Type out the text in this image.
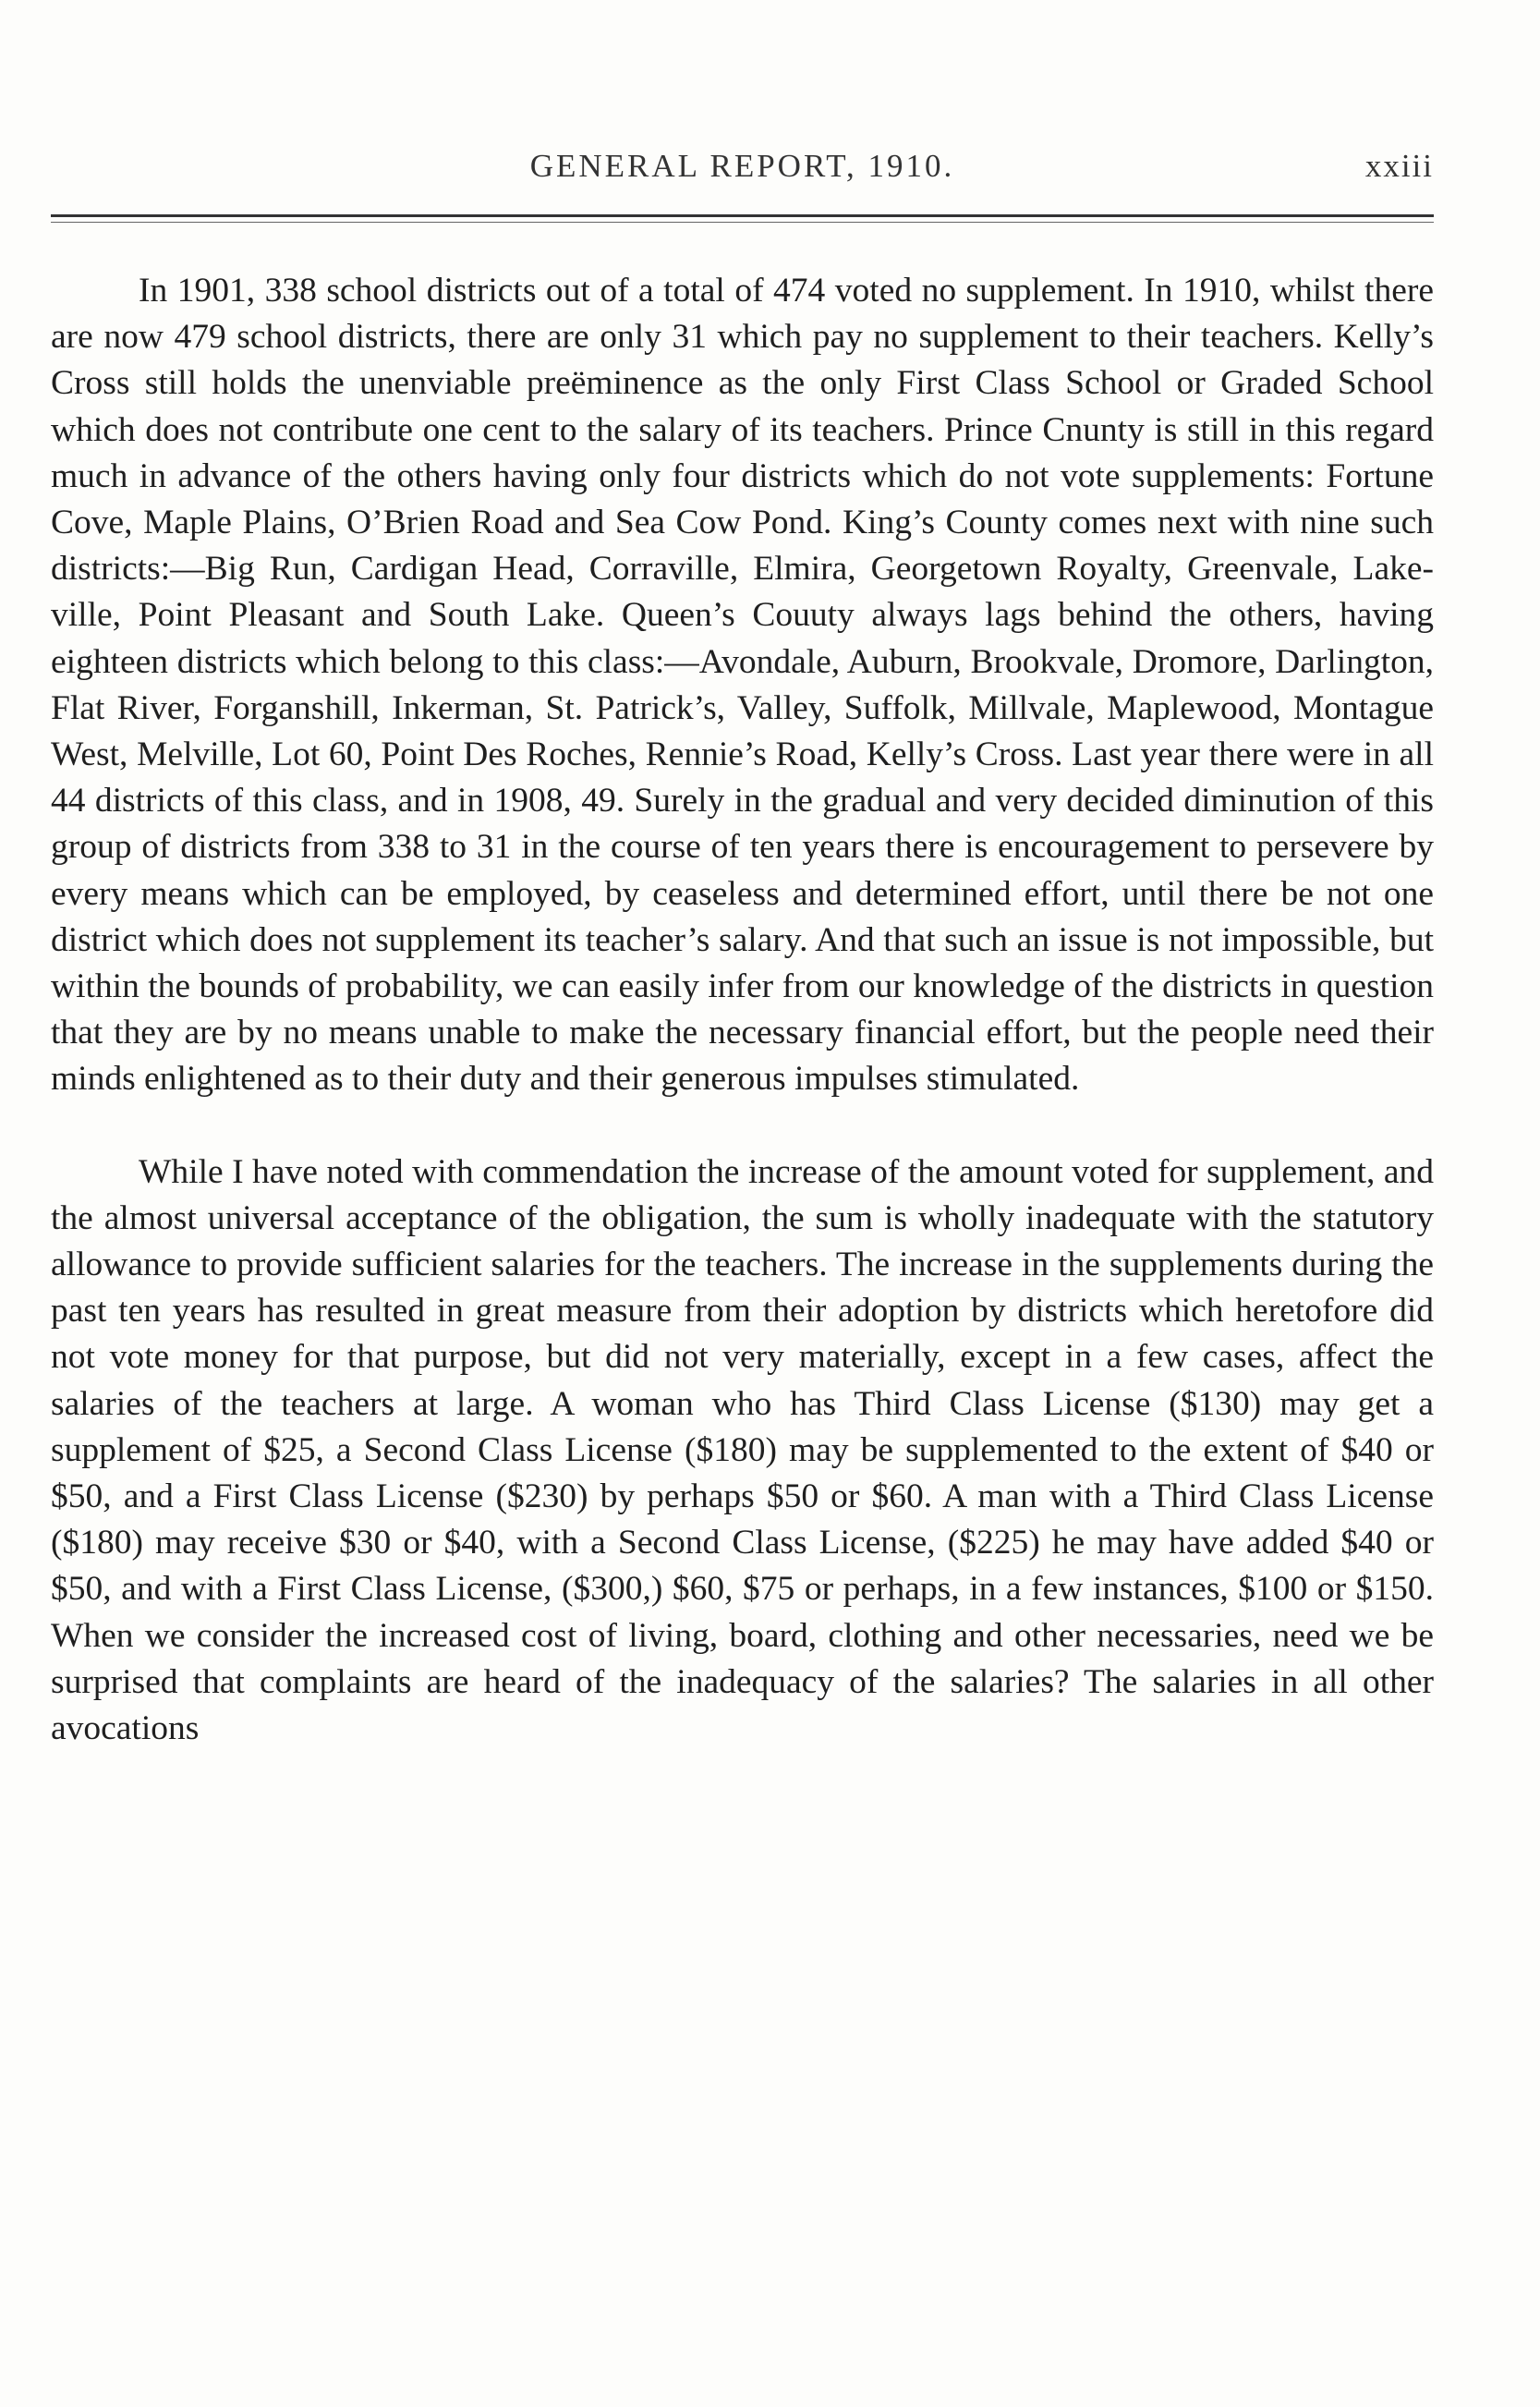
GENERAL REPORT, 1910.	xxiii

In 1901, 338 school districts out of a total of 474 voted no supplement. In 1910, whilst there are now 479 school districts, there are only 31 which pay no supplement to their teachers. Kelly’s Cross still holds the unenviable preëminence as the only First Class School or Graded School which does not contribute one cent to the salary of its teachers. Prince Cnunty is still in this regard much in advance of the others having only four districts which do not vote supplements: Fortune Cove, Maple Plains, O’Brien Road and Sea Cow Pond. King’s County comes next with nine such districts:—Big Run, Cardigan Head, Corraville, Elmira, Georgetown Royalty, Greenvale, Lakeville, Point Pleasant and South Lake. Queen’s Couuty always lags behind the others, having eighteen districts which belong to this class:—Avondale, Auburn, Brookvale, Dromore, Darlington, Flat River, Forganshill, Inkerman, St. Patrick’s, Valley, Suffolk, Millvale, Maplewood, Montague West, Melville, Lot 60, Point Des Roches, Rennie’s Road, Kelly’s Cross. Last year there were in all 44 districts of this class, and in 1908, 49. Surely in the gradual and very decided diminution of this group of districts from 338 to 31 in the course of ten years there is encouragement to persevere by every means which can be employed, by ceaseless and determined effort, until there be not one district which does not supplement its teacher’s salary. And that such an issue is not impossible, but within the bounds of probability, we can easily infer from our knowledge of the districts in question that they are by no means unable to make the necessary financial effort, but the people need their minds enlightened as to their duty and their generous impulses stimulated.

While I have noted with commendation the increase of the amount voted for supplement, and the almost universal acceptance of the obligation, the sum is wholly inadequate with the statutory allowance to provide sufficient salaries for the teachers. The increase in the supplements during the past ten years has resulted in great measure from their adoption by districts which heretofore did not vote money for that purpose, but did not very materially, except in a few cases, affect the salaries of the teachers at large. A woman who has Third Class License ($130) may get a supplement of $25, a Second Class License ($180) may be supplemented to the extent of $40 or $50, and a First Class License ($230) by perhaps $50 or $60. A man with a Third Class License ($180) may receive $30 or $40, with a Second Class License, ($225) he may have added $40 or $50, and with a First Class License, ($300,) $60, $75 or perhaps, in a few instances, $100 or $150. When we consider the increased cost of living, board, clothing and other necessaries, need we be surprised that complaints are heard of the inadequacy of the salaries? The salaries in all other avocations
